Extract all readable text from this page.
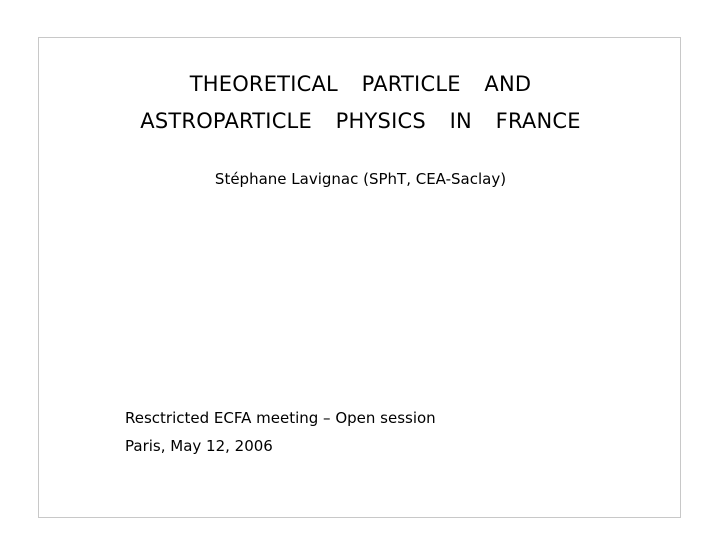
THEORETICAL  PARTICLE  AND
ASTROPARTICLE  PHYSICS  IN  FRANCE
Stéphane Lavignac (SPhT, CEA-Saclay)
Resctricted ECFA meeting – Open session
Paris, May 12, 2006
